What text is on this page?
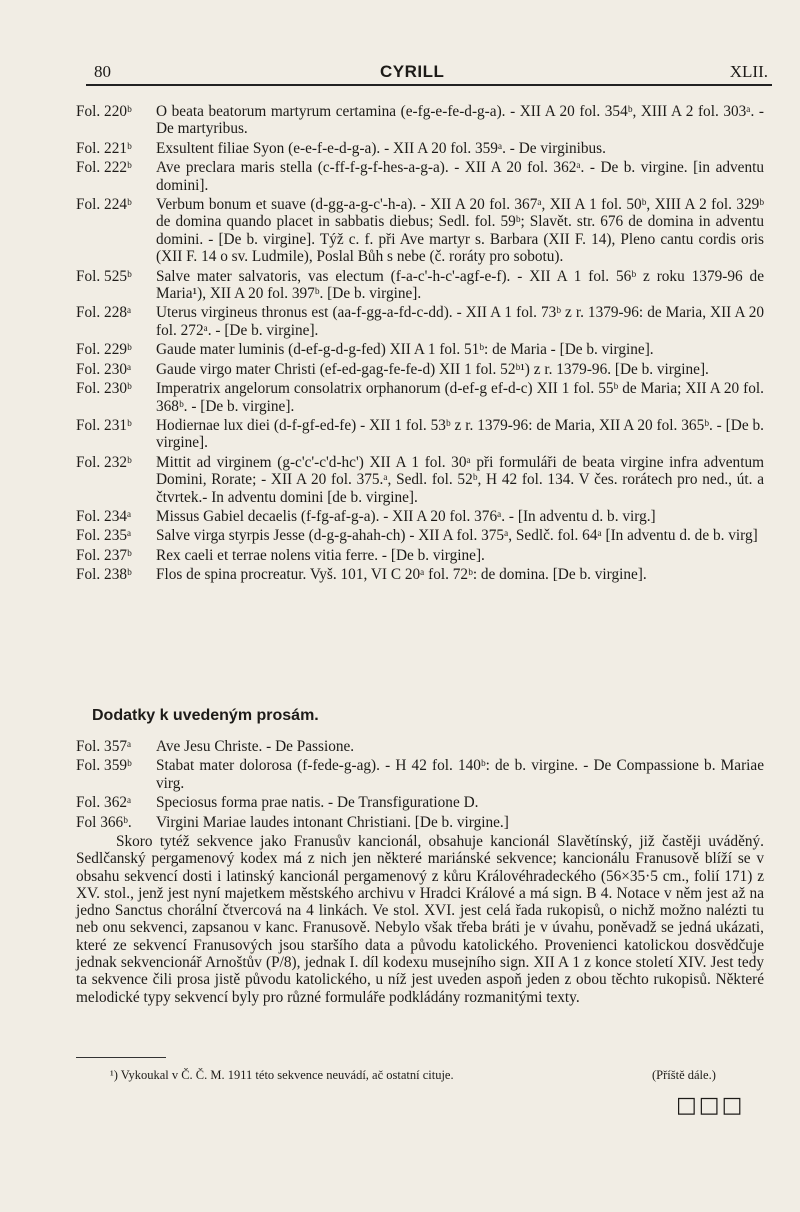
80	CYRILL	XLII.
Fol. 220ᵇ O beata beatorum martyrum certamina (e-fg-e-fe-d-g-a). - XII A 20 fol. 354ᵇ, XIII A 2 fol. 303ᵃ. - De martyribus.
Fol. 221ᵇ Exsultent filiae Syon (e-e-f-e-d-g-a). - XII A 20 fol. 359ᵃ. - De virginibus.
Fol. 222ᵇ Ave preclara maris stella (c-ff-f-g-f-hes-a-g-a). - XII A 20 fol. 362ᵃ. - De b. virgine. [in adventu domini].
Fol. 224ᵇ Verbum bonum et suave (d-gg-a-g-c'-h-a). - XII A 20 fol. 367ᵃ, XII A 1 fol. 50ᵇ, XIII A 2 fol. 329ᵇ de domina quando placet in sabbatis diebus; Sedl. fol. 59ᵇ; Slavět. str. 676 de domina in adventu domini. - [De b. virgine]. Týž c. f. při Ave martyr s. Barbara (XII F. 14), Pleno cantu cordis oris (XII F. 14 o sv. Ludmile), Poslal Bůh s nebe (č. roráty pro sobotu).
Fol. 525ᵇ Salve mater salvatoris, vas electum (f-a-c'-h-c'-agf-e-f). - XII A 1 fol. 56ᵇ z roku 1379-96 de Maria¹), XII A 20 fol. 397ᵇ. [De b. virgine].
Fol. 228ᵃ Uterus virgineus thronus est (aa-f-gg-a-fd-c-dd). - XII A 1 fol. 73ᵇ z r. 1379-96: de Maria, XII A 20 fol. 272ᵃ. - [De b. virgine].
Fol. 229ᵇ Gaude mater luminis (d-ef-g-d-g-fed) XII A 1 fol. 51ᵇ: de Maria - [De b. virgine].
Fol. 230ᵃ Gaude virgo mater Christi (ef-ed-gag-fe-fe-d) XII 1 fol. 52ᵇ¹) z r. 1379-96. [De b. virgine].
Fol. 230ᵇ Imperatrix angelorum consolatrix orphanorum (d-ef-g ef-d-c) XII 1 fol. 55ᵇ de Maria; XII A 20 fol. 368ᵇ. - [De b. virgine].
Fol. 231ᵇ Hodiernae lux diei (d-f-gf-ed-fe) - XII 1 fol. 53ᵇ z r. 1379-96: de Maria, XII A 20 fol. 365ᵇ. - [De b. virgine].
Fol. 232ᵇ Mittit ad virginem (g-c'c'-c'd-hc') XII A 1 fol. 30ᵃ při formuláři de beata virgine infra adventum Domini, Rorate; - XII A 20 fol. 375.ᵃ, Sedl. fol. 52ᵇ, H 42 fol. 134. V čes. rorátech pro ned., út. a čtvrtek.- In adventu domini [de b. virgine].
Fol. 234ᵃ Missus Gabiel decaelis (f-fg-af-g-a). - XII A 20 fol. 376ᵃ. - [In adventu d. b. virg.]
Fol. 235ᵃ Salve virga styrpis Jesse (d-g-g-ahah-ch) - XII A fol. 375ᵃ, Sedlč. fol. 64ᵃ [In adventu d. de b. virg]
Fol. 237ᵇ Rex caeli et terrae nolens vitia ferre. - [De b. virgine].
Fol. 238ᵇ Flos de spina procreatur. Vyš. 101, VI C 20ᵃ fol. 72ᵇ: de domina. [De b. virgine].
Dodatky k uvedeným prosám.
Fol. 357ᵃ Ave Jesu Christe. - De Passione.
Fol. 359ᵇ Stabat mater dolorosa (f-fede-g-ag). - H 42 fol. 140ᵇ: de b. virgine. - De Compassione b. Mariae virg.
Fol. 362ᵃ Speciosus forma prae natis. - De Transfiguratione D.
Fol 366ᵇ. Virgini Mariae laudes intonant Christiani. [De b. virgine.]

Skoro tytéž sekvence jako Franusův kancionál, obsahuje kancionál Slavětínský, již častěji uváděný. Sedlčanský pergamenový kodex má z nich jen některé mariánské sekvence; kancionálu Franusově blíží se v obsahu sekvencí dosti i latinský kancionál pergamenový z kůru Královéhradeckého (56×35·5 cm., folií 171) z XV. stol., jenž jest nyní majetkem městského archivu v Hradci Králové a má sign. B 4. Notace v něm jest až na jedno Sanctus chorální čtvercová na 4 linkách. Ve stol. XVI. jest celá řada rukopisů, o nichž možno nalézti tu neb onu sekvenci, zapsanou v kanc. Franusově. Nebylo však třeba bráti je v úvahu, poněvadž se jedná ukázati, které ze sekvencí Franusových jsou staršího data a původu katolického. Provenienci katolickou dosvědčuje jednak sekvencionář Arnoštův (P/8), jednak I. díl kodexu musejního sign. XII A 1 z konce století XIV. Jest tedy ta sekvence čili prosa jistě původu katolického, u níž jest uveden aspoň jeden z obou těchto rukopisů. Některé melodické typy sekvencí byly pro různé formuláře podkládány rozmanitými texty.

¹) Vykoukal v Č. Č. M. 1911 této sekvence neuvádí, ač ostatní cituje.	(Příště dále.)
□□□
